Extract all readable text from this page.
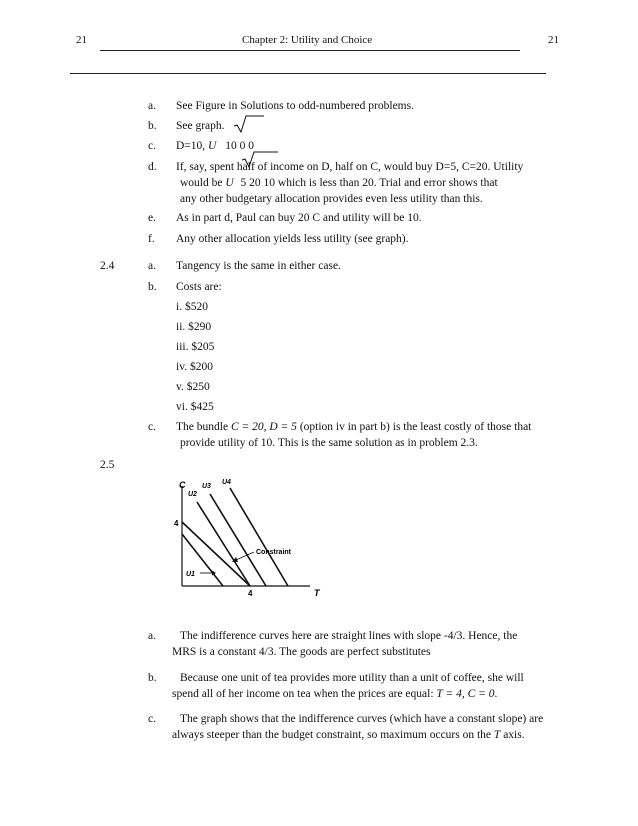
21	Chapter 2: Utility and Choice	21
a. See Figure in Solutions to odd-numbered problems.
b. See graph.
c. D=10, U 10 0 0
d. If, say, spent half of income on D, half on C, would buy D=5, C=20. Utility
would be U 5 20 10 which is less than 20. Trial and error shows that
any other budgetary allocation provides even less utility than this.
e. As in part d, Paul can buy 20 C and utility will be 10.
f. Any other allocation yields less utility (see graph).
2.4	a. Tangency is the same in either case.
b. Costs are:
i. $520
ii. $290
iii. $205
iv. $200
v. $250
vi. $425
c. The bundle C = 20, D = 5 (option iv in part b) is the least costly of those that
provide utility of 10. This is the same solution as in problem 2.3.
2.5
C
T
4
4
U2
U3
U4
U1
Constraint
a. The indifference curves here are straight lines with slope -4/3. Hence, the
MRS is a constant 4/3. The goods are perfect substitutes
b. Because one unit of tea provides more utility than a unit of coffee, she will
spend all of her income on tea when the prices are equal: T = 4, C = 0.
c. The graph shows that the indifference curves (which have a constant slope) are
always steeper than the budget constraint, so maximum occurs on the T axis.
